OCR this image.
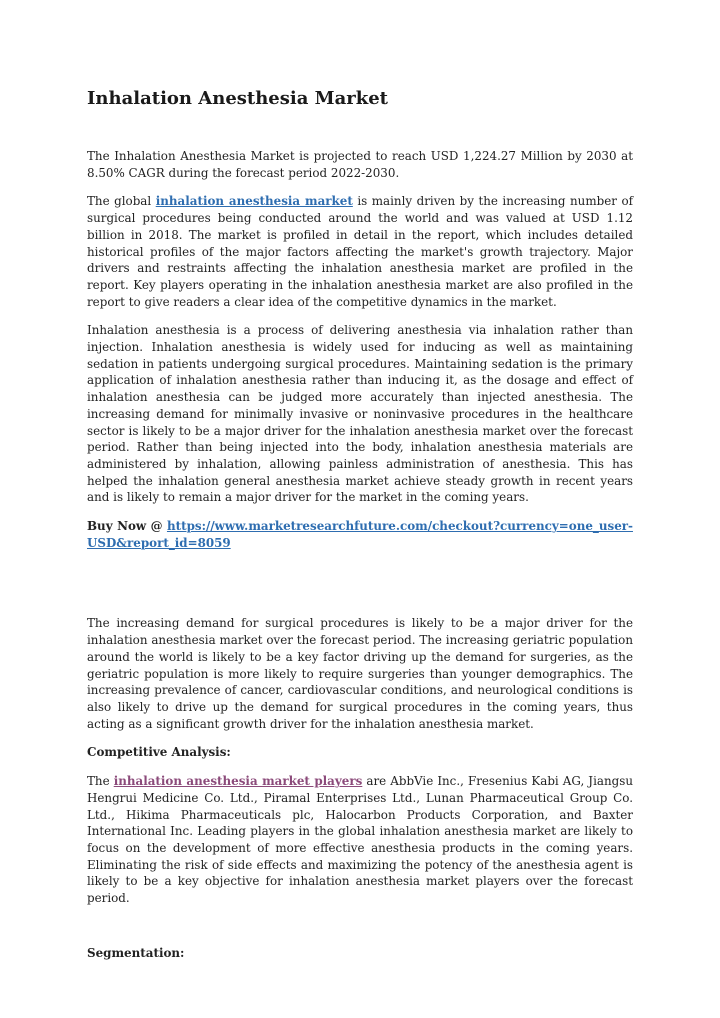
Inhalation Anesthesia Market

The Inhalation Anesthesia Market is projected to reach USD 1,224.27 Million by 2030 at 8.50% CAGR during the forecast period 2022-2030.

The global inhalation anesthesia market is mainly driven by the increasing number of surgical procedures being conducted around the world and was valued at USD 1.12 billion in 2018. The market is profiled in detail in the report, which includes detailed historical profiles of the major factors affecting the market's growth trajectory. Major drivers and restraints affecting the inhalation anesthesia market are profiled in the report. Key players operating in the inhalation anesthesia market are also profiled in the report to give readers a clear idea of the competitive dynamics in the market.

Inhalation anesthesia is a process of delivering anesthesia via inhalation rather than injection. Inhalation anesthesia is widely used for inducing as well as maintaining sedation in patients undergoing surgical procedures. Maintaining sedation is the primary application of inhalation anesthesia rather than inducing it, as the dosage and effect of inhalation anesthesia can be judged more accurately than injected anesthesia. The increasing demand for minimally invasive or noninvasive procedures in the healthcare sector is likely to be a major driver for the inhalation anesthesia market over the forecast period. Rather than being injected into the body, inhalation anesthesia materials are administered by inhalation, allowing painless administration of anesthesia. This has helped the inhalation general anesthesia market achieve steady growth in recent years and is likely to remain a major driver for the market in the coming years.

Buy Now @ https://www.marketresearchfuture.com/checkout?currency=one_user-

USD&report_id=8059

The increasing demand for surgical procedures is likely to be a major driver for the inhalation anesthesia market over the forecast period. The increasing geriatric population around the world is likely to be a key factor driving up the demand for surgeries, as the geriatric population is more likely to require surgeries than younger demographics. The increasing prevalence of cancer, cardiovascular conditions, and neurological conditions is also likely to drive up the demand for surgical procedures in the coming years, thus acting as a significant growth driver for the inhalation anesthesia market.

Competitive Analysis:

The inhalation anesthesia market players are AbbVie Inc., Fresenius Kabi AG, Jiangsu Hengrui Medicine Co. Ltd., Piramal Enterprises Ltd., Lunan Pharmaceutical Group Co. Ltd., Hikima Pharmaceuticals plc, Halocarbon Products Corporation, and Baxter International Inc. Leading players in the global inhalation anesthesia market are likely to focus on the development of more effective anesthesia products in the coming years. Eliminating the risk of side effects and maximizing the potency of the anesthesia agent is likely to be a key objective for inhalation anesthesia market players over the forecast period.

Segmentation:
